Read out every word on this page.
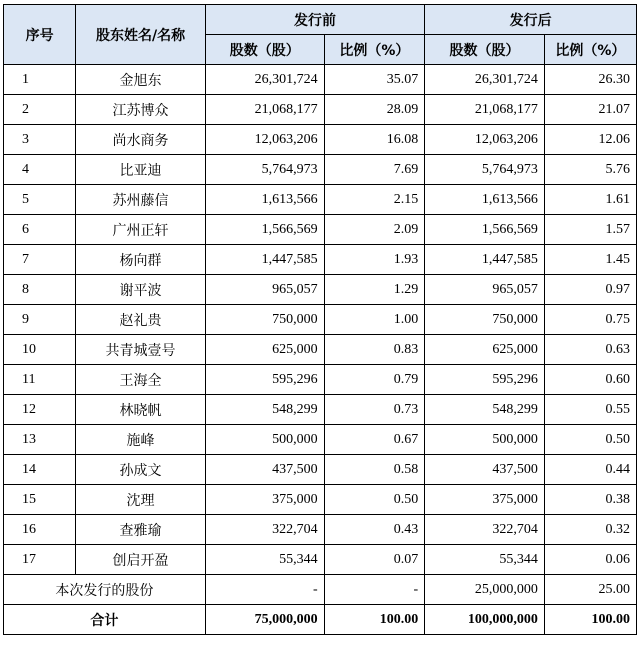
序号	股东姓名/名称	发行前		发行后	
		股数（股）	比例（%）	股数（股）	比例（%）
1	金旭东	26,301,724	35.07	26,301,724	26.30
2	江苏博众	21,068,177	28.09	21,068,177	21.07
3	尚水商务	12,063,206	16.08	12,063,206	12.06
4	比亚迪	5,764,973	7.69	5,764,973	5.76
5	苏州藤信	1,613,566	2.15	1,613,566	1.61
6	广州正轩	1,566,569	2.09	1,566,569	1.57
7	杨向群	1,447,585	1.93	1,447,585	1.45
8	谢平波	965,057	1.29	965,057	0.97
9	赵礼贵	750,000	1.00	750,000	0.75
10	共青城壹号	625,000	0.83	625,000	0.63
11	王海全	595,296	0.79	595,296	0.60
12	林晓帆	548,299	0.73	548,299	0.55
13	施峰	500,000	0.67	500,000	0.50
14	孙成文	437,500	0.58	437,500	0.44
15	沈理	375,000	0.50	375,000	0.38
16	查雅瑜	322,704	0.43	322,704	0.32
17	创启开盈	55,344	0.07	55,344	0.06
本次发行的股份		-	-	25,000,000	25.00
合计		75,000,000	100.00	100,000,000	100.00
